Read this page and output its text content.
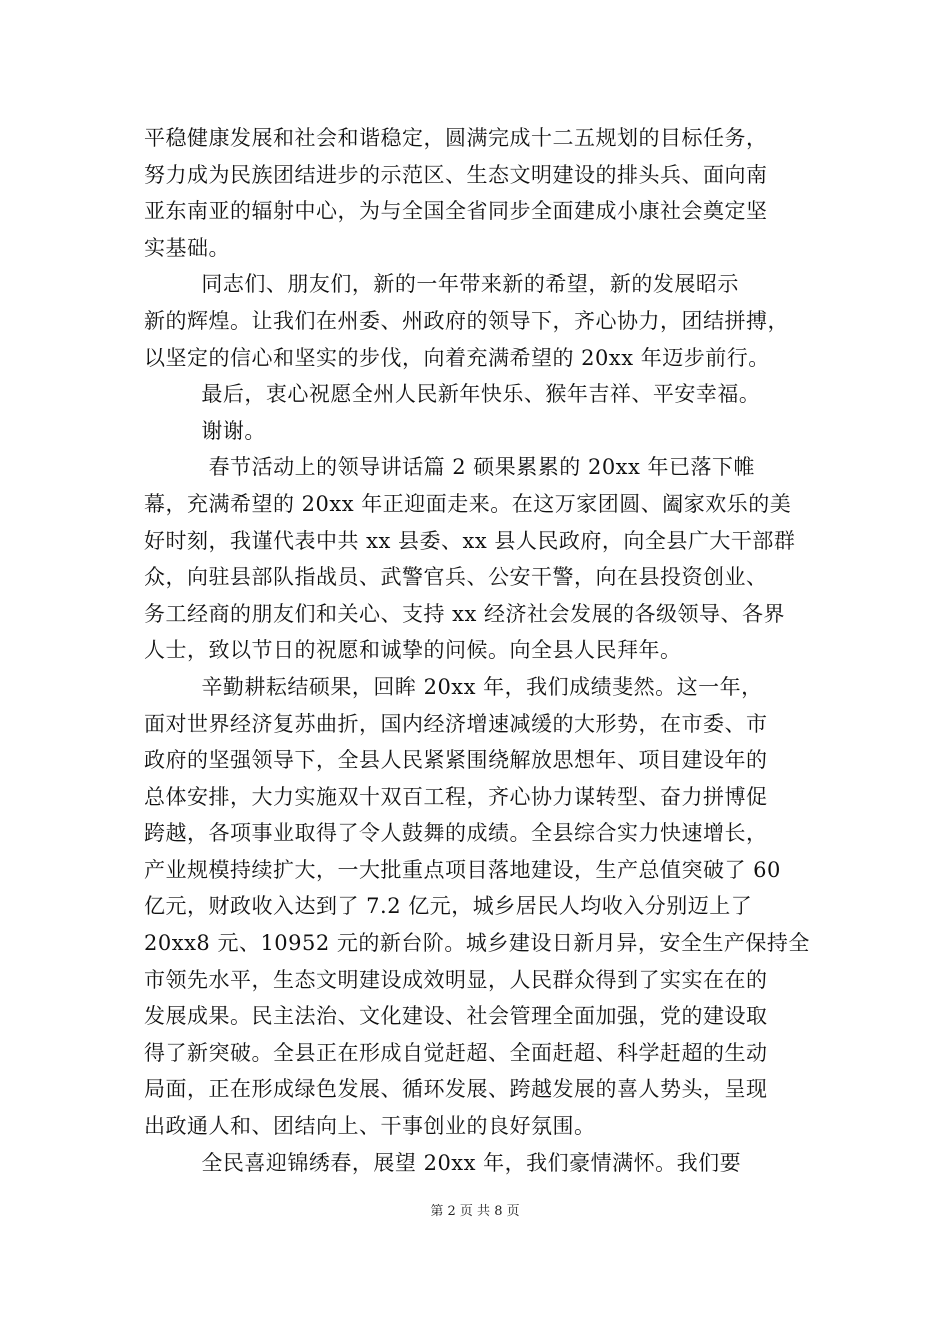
平稳健康发展和社会和谐稳定，圆满完成十二五规划的目标任务，
努力成为民族团结进步的示范区、生态文明建设的排头兵、面向南
亚东南亚的辐射中心，为与全国全省同步全面建成小康社会奠定坚
实基础。
同志们、朋友们，新的一年带来新的希望，新的发展昭示
新的辉煌。让我们在州委、州政府的领导下，齐心协力，团结拼搏，
以坚定的信心和坚实的步伐，向着充满希望的 20xx 年迈步前行。
最后，衷心祝愿全州人民新年快乐、猴年吉祥、平安幸福。
谢谢。
春节活动上的领导讲话篇 2 硕果累累的 20xx 年已落下帷
幕，充满希望的 20xx 年正迎面走来。在这万家团圆、阖家欢乐的美
好时刻，我谨代表中共 xx 县委、xx 县人民政府，向全县广大干部群
众，向驻县部队指战员、武警官兵、公安干警，向在县投资创业、
务工经商的朋友们和关心、支持 xx 经济社会发展的各级领导、各界
人士，致以节日的祝愿和诚挚的问候。向全县人民拜年。
辛勤耕耘结硕果，回眸 20xx 年，我们成绩斐然。这一年，
面对世界经济复苏曲折，国内经济增速减缓的大形势，在市委、市
政府的坚强领导下，全县人民紧紧围绕解放思想年、项目建设年的
总体安排，大力实施双十双百工程，齐心协力谋转型、奋力拼博促
跨越，各项事业取得了令人鼓舞的成绩。全县综合实力快速增长，
产业规模持续扩大，一大批重点项目落地建设，生产总值突破了 60
亿元，财政收入达到了 7.2 亿元，城乡居民人均收入分别迈上了
20xx8 元、10952 元的新台阶。城乡建设日新月异，安全生产保持全
市领先水平，生态文明建设成效明显，人民群众得到了实实在在的
发展成果。民主法治、文化建设、社会管理全面加强，党的建设取
得了新突破。全县正在形成自觉赶超、全面赶超、科学赶超的生动
局面，正在形成绿色发展、循环发展、跨越发展的喜人势头，呈现
出政通人和、团结向上、干事创业的良好氛围。
全民喜迎锦绣春，展望 20xx 年，我们豪情满怀。我们要
第 2 页 共 8 页
